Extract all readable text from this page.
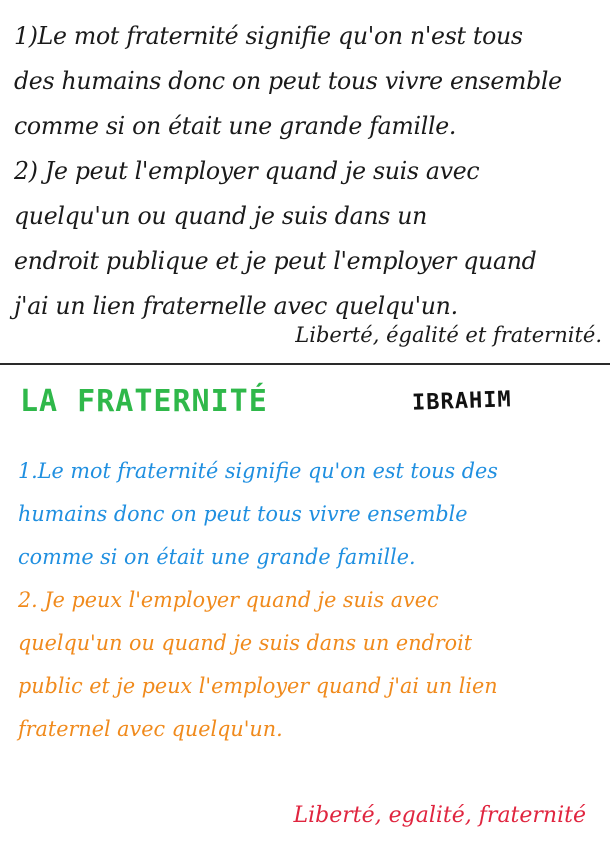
1)Le mot fraternité signifie qu'on n'est tous
des humains donc on peut tous vivre ensemble
comme si on était une grande famille.
2) Je peut l'employer quand je suis avec
quelqu'un ou quand je suis dans un
endroit publique et je peut l'employer quand
j'ai un lien fraternelle avec quelqu'un.
Liberté, égalité et fraternité.
LA FRATERNITÉ	IBRAHIM
1.Le mot fraternité signifie qu'on est tous des
humains donc on peut tous vivre ensemble
comme si on était une grande famille.
2. Je peux l'employer quand je suis avec
quelqu'un ou quand je suis dans un endroit
public et je peux l'employer quand j'ai un lien
fraternel avec quelqu'un.
Liberté, egalité, fraternité
